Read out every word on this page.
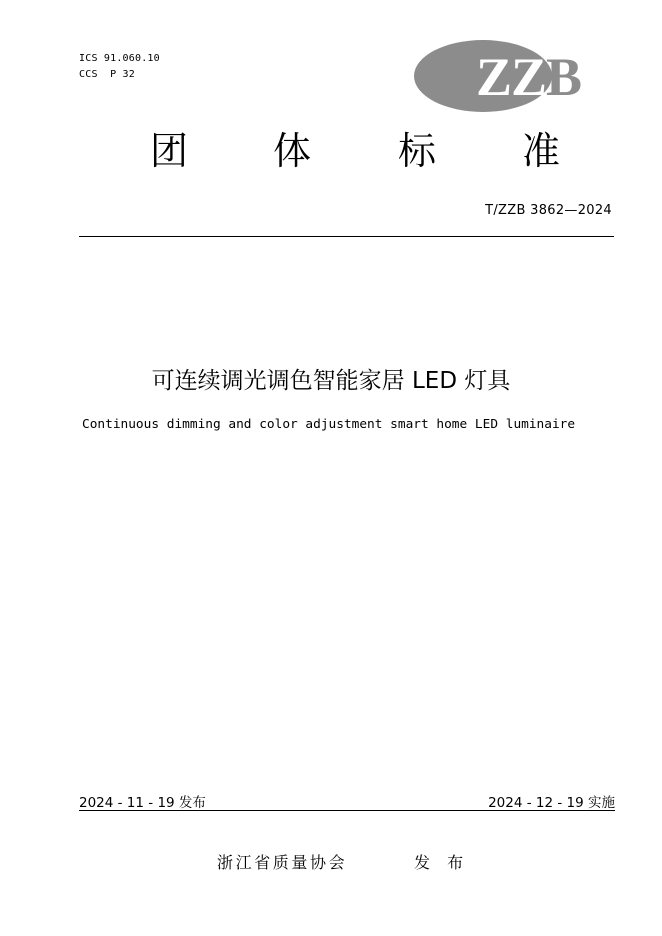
ICS 91.060.10
CCS  P 32	ZZB
团 体 标 准
T/ZZB 3862—2024
可连续调光调色智能家居 LED 灯具
Continuous dimming and color adjustment smart home LED luminaire
2024 - 11 - 19 发布	2024 - 12 - 19 实施
浙江省质量协会	发 布
